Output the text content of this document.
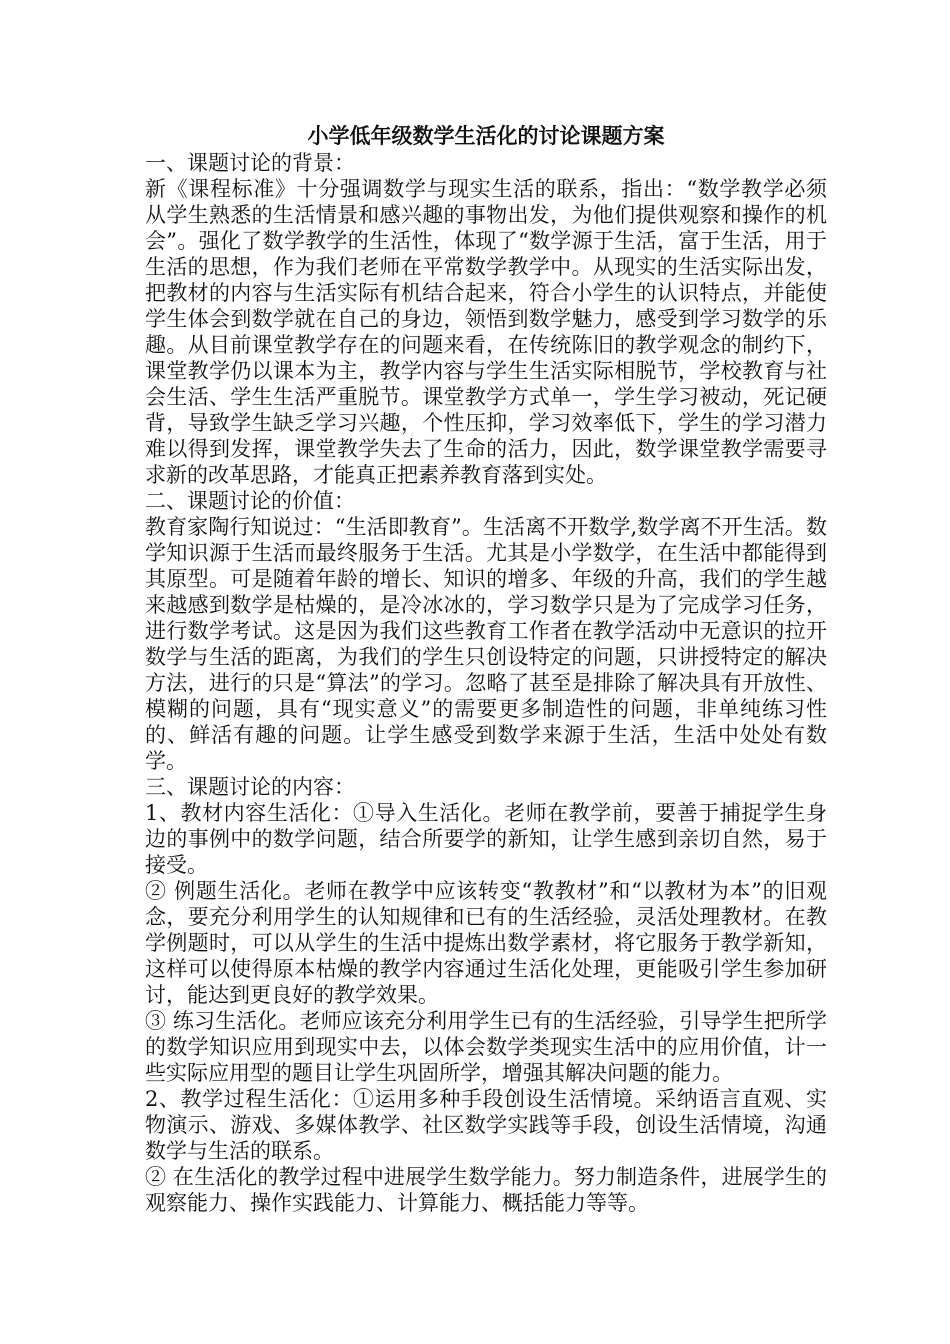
小学低年级数学生活化的讨论课题方案

一、课题讨论的背景：

新《课程标准》十分强调数学与现实生活的联系，指出：“数学教学必须从学生熟悉的生活情景和感兴趣的事物出发，为他们提供观察和操作的机会”。强化了数学教学的生活性，体现了“数学源于生活，富于生活，用于生活的思想，作为我们老师在平常数学教学中。从现实的生活实际出发，把教材的内容与生活实际有机结合起来，符合小学生的认识特点，并能使学生体会到数学就在自己的身边，领悟到数学魅力，感受到学习数学的乐趣。从目前课堂教学存在的问题来看，在传统陈旧的教学观念的制约下，课堂教学仍以课本为主，教学内容与学生生活实际相脱节，学校教育与社会生活、学生生活严重脱节。课堂教学方式单一，学生学习被动，死记硬背，导致学生缺乏学习兴趣，个性压抑，学习效率低下，学生的学习潜力难以得到发挥，课堂教学失去了生命的活力，因此，数学课堂教学需要寻求新的改革思路，才能真正把素养教育落到实处。

二、课题讨论的价值：

教育家陶行知说过：“生活即教育”。生活离不开数学,数学离不开生活。数学知识源于生活而最终服务于生活。尤其是小学数学，在生活中都能得到其原型。可是随着年龄的增长、知识的增多、年级的升高，我们的学生越来越感到数学是枯燥的，是冷冰冰的，学习数学只是为了完成学习任务，进行数学考试。这是因为我们这些教育工作者在教学活动中无意识的拉开数学与生活的距离，为我们的学生只创设特定的问题，只讲授特定的解决方法，进行的只是“算法”的学习。忽略了甚至是排除了解决具有开放性、模糊的问题，具有“现实意义”的需要更多制造性的问题，非单纯练习性的、鲜活有趣的问题。让学生感受到数学来源于生活，生活中处处有数学。

三、课题讨论的内容：

1、教材内容生活化：①导入生活化。老师在教学前，要善于捕捉学生身边的事例中的数学问题，结合所要学的新知，让学生感到亲切自然，易于接受。

② 例题生活化。老师在教学中应该转变“教教材”和“以教材为本”的旧观念，要充分利用学生的认知规律和已有的生活经验，灵活处理教材。在教学例题时，可以从学生的生活中提炼出数学素材，将它服务于教学新知，这样可以使得原本枯燥的教学内容通过生活化处理，更能吸引学生参加研讨，能达到更良好的教学效果。

③ 练习生活化。老师应该充分利用学生已有的生活经验，引导学生把所学的数学知识应用到现实中去，以体会数学类现实生活中的应用价值，计一些实际应用型的题目让学生巩固所学，增强其解决问题的能力。

2、教学过程生活化：①运用多种手段创设生活情境。采纳语言直观、实物演示、游戏、多媒体教学、社区数学实践等手段，创设生活情境，沟通数学与生活的联系。

② 在生活化的教学过程中进展学生数学能力。努力制造条件，进展学生的观察能力、操作实践能力、计算能力、概括能力等等。
